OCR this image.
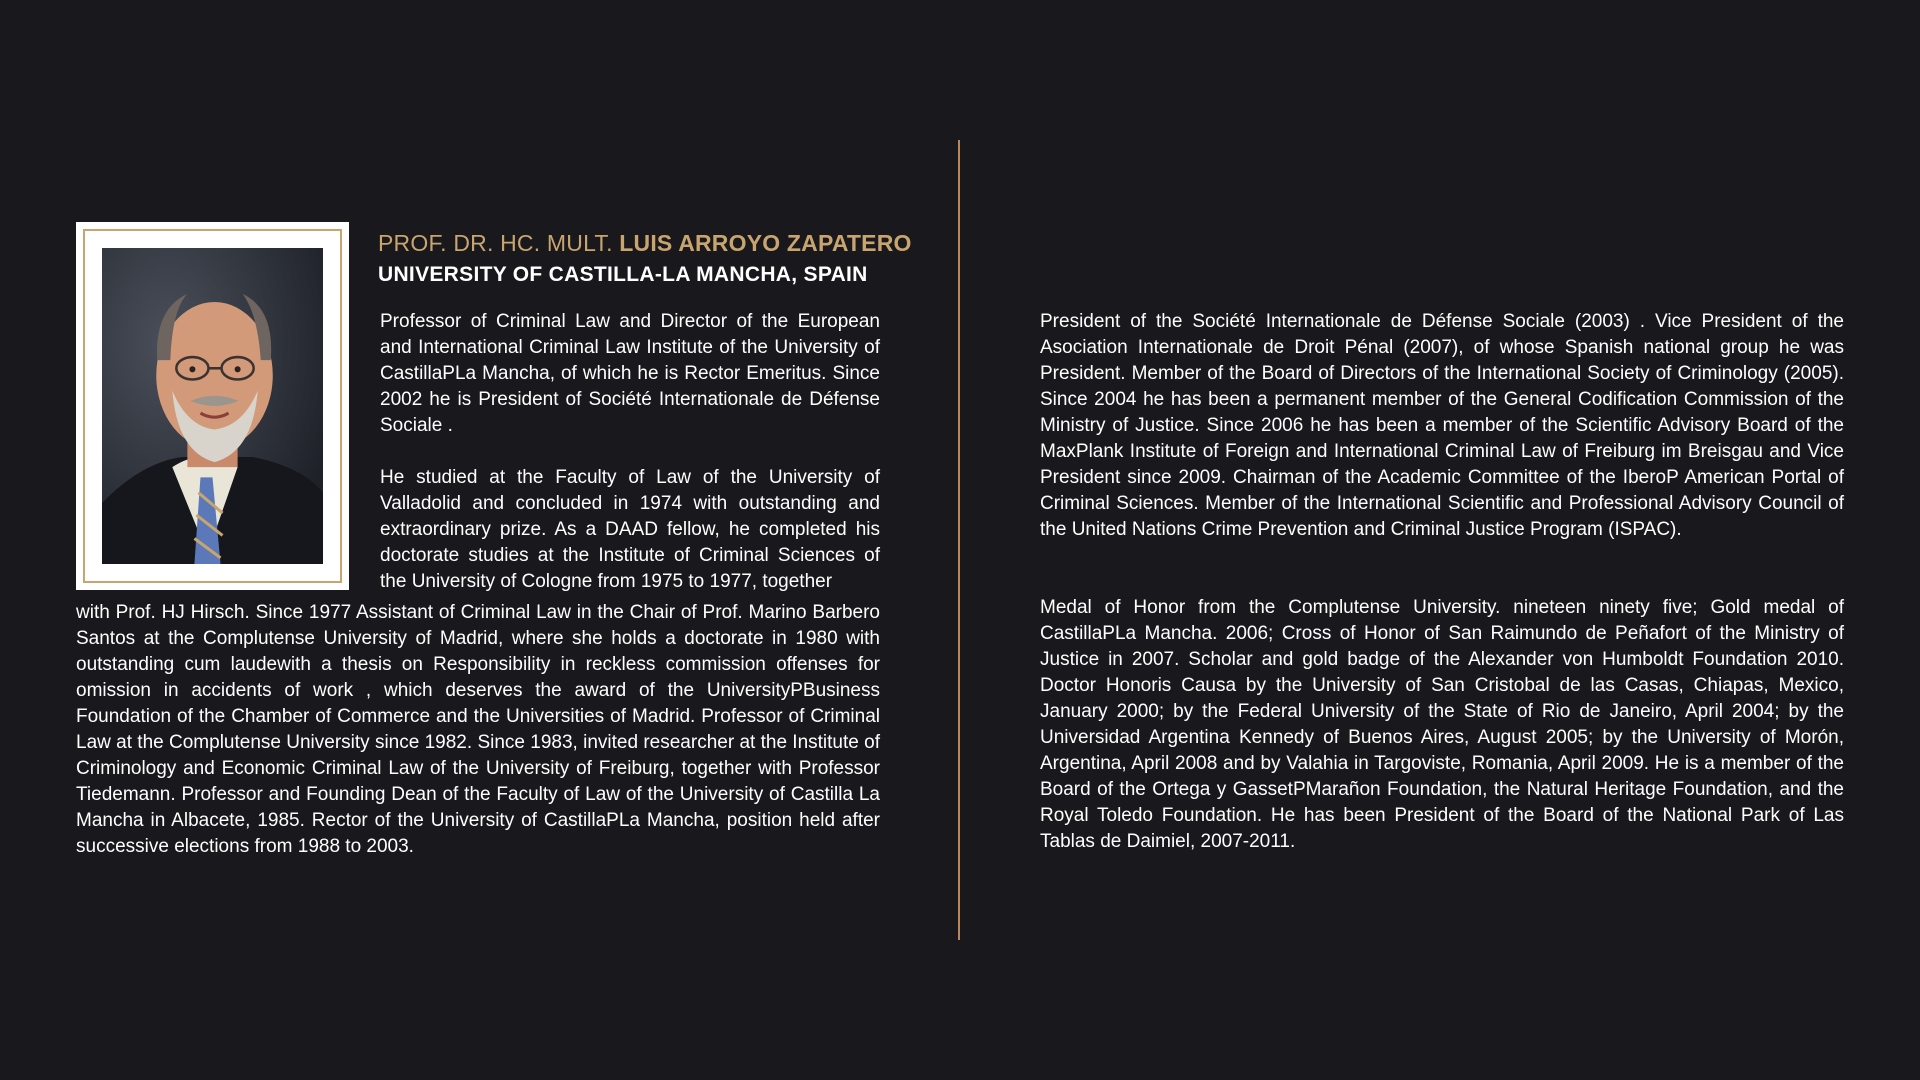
PROF. DR. HC. MULT. LUIS ARROYO ZAPATERO
UNIVERSITY OF CASTILLA-LA MANCHA, SPAIN
Professor of Criminal Law and Director of the European and International Criminal Law Institute of the University of CastillaPLa Mancha, of which he is Rector Emeritus. Since 2002 he is President of Société Internationale de Défense Sociale .
He studied at the Faculty of Law of the University of Valladolid and concluded in 1974 with outstanding and extraordinary prize. As a DAAD fellow, he completed his doctorate studies at the Institute of Criminal Sciences of the University of Cologne from 1975 to 1977, together
with Prof. HJ Hirsch. Since 1977 Assistant of Criminal Law in the Chair of Prof. Marino Barbero Santos at the Complutense University of Madrid, where she holds a doctorate in 1980 with outstanding cum laudewith a thesis on Responsibility in reckless commission offenses for omission in accidents of work , which deserves the award of the UniversityPBusiness Foundation of the Chamber of Commerce and the Universities of Madrid. Professor of Criminal Law at the Complutense University since 1982. Since 1983, invited researcher at the Institute of Criminology and Economic Criminal Law of the University of Freiburg, together with Professor Tiedemann. Professor and Founding Dean of the Faculty of Law of the University of Castilla La Mancha in Albacete, 1985. Rector of the University of CastillaPLa Mancha, position held after successive elections from 1988 to 2003.
President of the Société Internationale de Défense Sociale (2003) . Vice President of the Asociation Internationale de Droit Pénal (2007), of whose Spanish national group he was President. Member of the Board of Directors of the International Society of Criminology (2005). Since 2004 he has been a permanent member of the General Codification Commission of the Ministry of Justice. Since 2006 he has been a member of the Scientific Advisory Board of the MaxPlank Institute of Foreign and International Criminal Law of Freiburg im Breisgau and Vice President since 2009. Chairman of the Academic Committee of the IberoP American Portal of Criminal Sciences. Member of the International Scientific and Professional Advisory Council of the United Nations Crime Prevention and Criminal Justice Program (ISPAC).
Medal of Honor from the Complutense University. nineteen ninety five; Gold medal of CastillaPLa Mancha. 2006; Cross of Honor of San Raimundo de Peñafort of the Ministry of Justice in 2007. Scholar and gold badge of the Alexander von Humboldt Foundation 2010. Doctor Honoris Causa by the University of San Cristobal de las Casas, Chiapas, Mexico, January 2000; by the Federal University of the State of Rio de Janeiro, April 2004; by the Universidad Argentina Kennedy of Buenos Aires, August 2005; by the University of Morón, Argentina, April 2008 and by Valahia in Targoviste, Romania, April 2009. He is a member of the Board of the Ortega y GassetPMarañon Foundation, the Natural Heritage Foundation, and the Royal Toledo Foundation. He has been President of the Board of the National Park of Las Tablas de Daimiel, 2007-2011.
